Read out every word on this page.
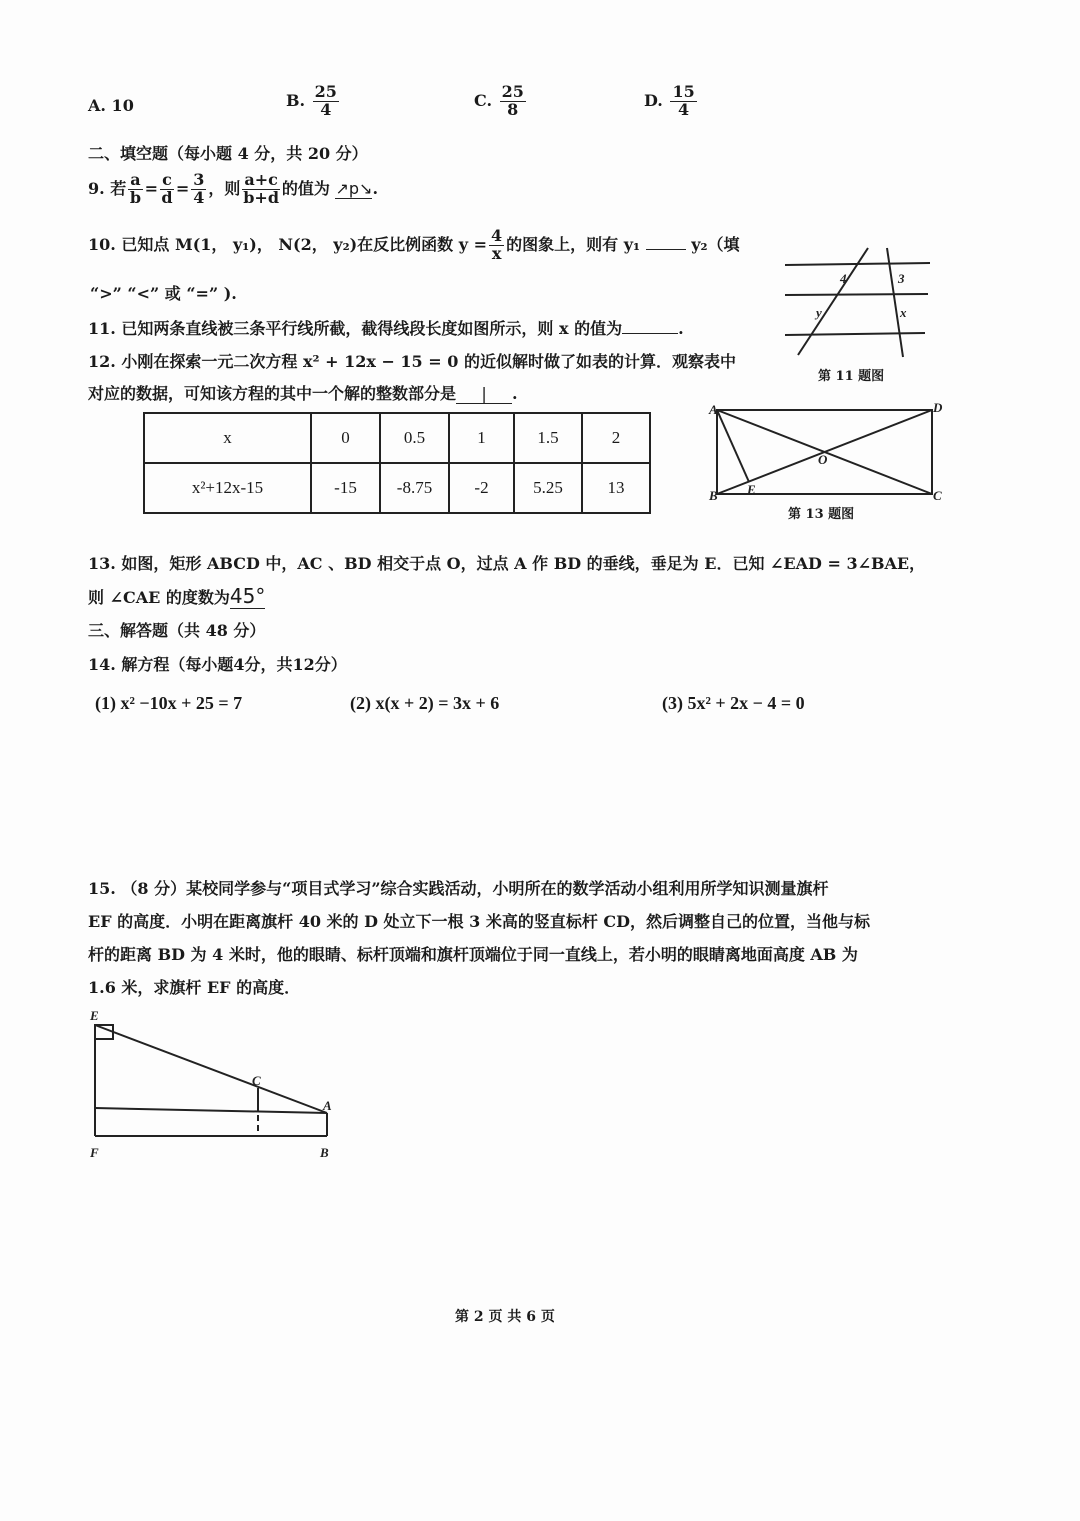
A. 10	B. $\frac{25}{4}$	C. $\frac{25}{8}$	D. $\frac{15}{4}$
二、填空题（每小题 4 分，共 20 分）
9. 若 $\frac{a}{b} = \frac{c}{d} = \frac{3}{4}$ ，则 $\frac{a+c}{b+d}$ 的值为 ↗p↘.
10. 已知点 M(1， y₁)， N(2， y₂)在反比例函数 $y = \frac{4}{x}$ 的图象上，则有 y₁	y₂（填
“>” “<” 或 “=” ).
11. 已知两条直线被三条平行线所截，截得线段长度如图所示，则 x 的值为	.
12. 小刚在探索一元二次方程 x² + 12x − 15 = 0 的近似解时做了如表的计算．观察表中
对应的数据，可知该方程的其中一个解的整数部分是 | .
x	0	0.5	1	1.5	2
x²+12x-15	-15	-8.75	-2	5.25	13
4	3
x
y
第 11 题图
A	D
B	C
O
E
第 13 题图
13. 如图，矩形 ABCD 中，AC 、BD 相交于点 O，过点 A 作 BD 的垂线，垂足为 E．已知 ∠EAD = 3∠BAE，
则 ∠CAE 的度数为45°
三、解答题（共 48 分）
14. 解方程（每小题4分，共12分）
(1) x² −10x + 25 = 7	(2) x(x + 2) = 3x + 6	(3) 5x² + 2x − 4 = 0
15. （8 分）某校同学参与“项目式学习”综合实践活动，小明所在的数学活动小组利用所学知识测量旗杆
EF 的高度．小明在距离旗杆 40 米的 D 处立下一根 3 米高的竖直标杆 CD，然后调整自己的位置，当他与标
杆的距离 BD 为 4 米时，他的眼睛、标杆顶端和旗杆顶端位于同一直线上，若小明的眼睛离地面高度 AB 为
1.6 米，求旗杆 EF 的高度．
E
C
A
F	B
第 2 页 共 6 页
